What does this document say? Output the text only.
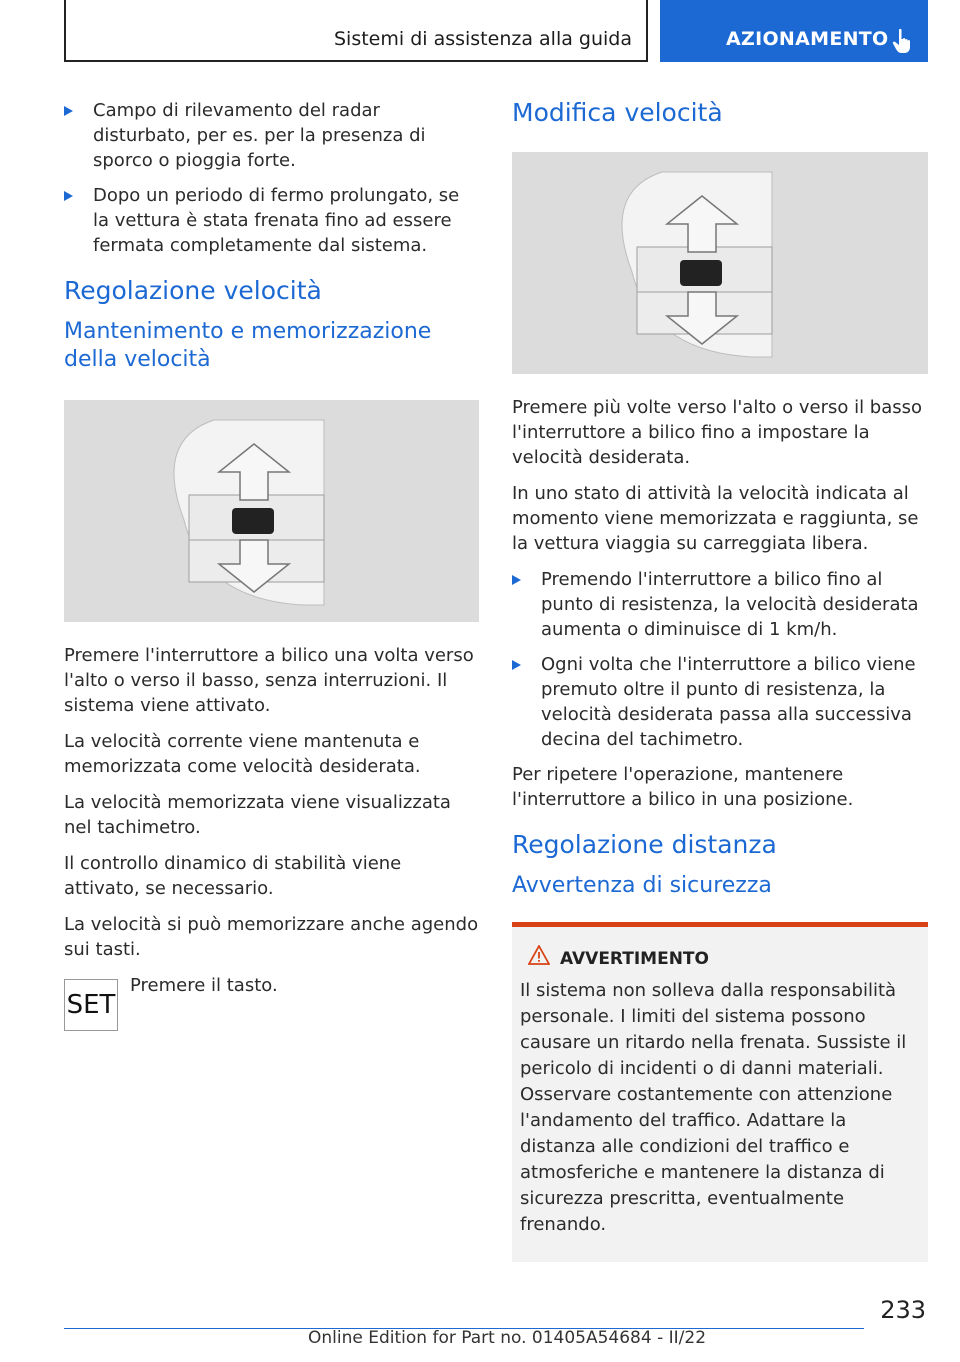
Sistemi di assistenza alla guida	AZIONAMENTO
Campo di rilevamento del radar disturbato, per es. per la presenza di sporco o pioggia forte.
Dopo un periodo di fermo prolungato, se la vettura è stata frenata fino ad essere fermata completamente dal sistema.
Regolazione velocità
Mantenimento e memorizzazione della velocità

Premere l'interruttore a bilico una volta verso l'alto o verso il basso, senza interruzioni. Il sistema viene attivato.

La velocità corrente viene mantenuta e memorizzata come velocità desiderata.

La velocità memorizzata viene visualizzata nel tachimetro.

Il controllo dinamico di stabilità viene attivato, se necessario.

La velocità si può memorizzare anche agendo sui tasti.

SET
Premere il tasto.
Modifica velocità

Premere più volte verso l'alto o verso il basso l'interruttore a bilico fino a impostare la velocità desiderata.

In uno stato di attività la velocità indicata al momento viene memorizzata e raggiunta, se la vettura viaggia su carreggiata libera.

Premendo l'interruttore a bilico fino al punto di resistenza, la velocità desiderata aumenta o diminuisce di 1 km/h.
Ogni volta che l'interruttore a bilico viene premuto oltre il punto di resistenza, la velocità desiderata passa alla successiva decina del tachimetro.

Per ripetere l'operazione, mantenere l'interruttore a bilico in una posizione.

Regolazione distanza
Avvertenza di sicurezza
AVVERTIMENTO
Il sistema non solleva dalla responsabilità personale. I limiti del sistema possono causare un ritardo nella frenata. Sussiste il pericolo di incidenti o di danni materiali. Osservare costantemente con attenzione l'andamento del traffico. Adattare la distanza alle condizioni del traffico e atmosferiche e mantenere la distanza di sicurezza prescritta, eventualmente frenando.
233
Online Edition for Part no. 01405A54684 - II/22
